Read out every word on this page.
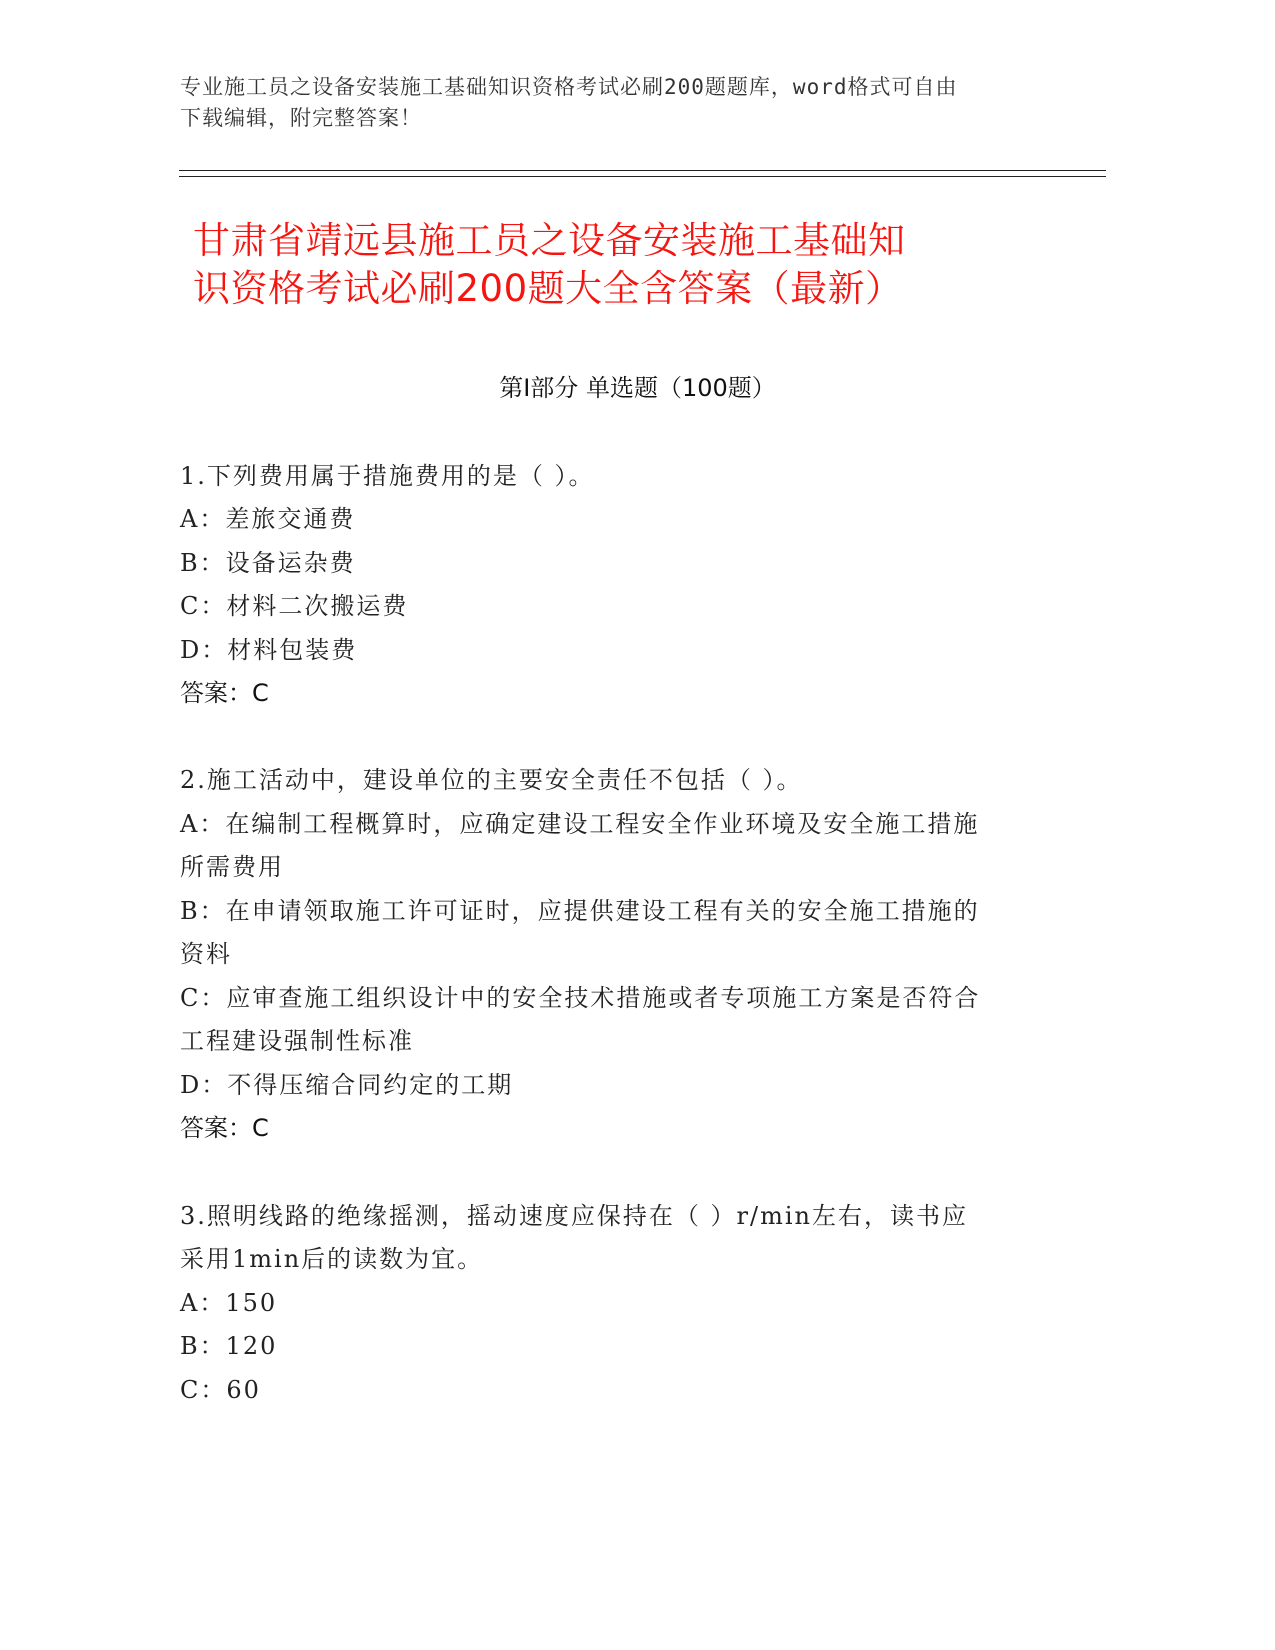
专业施工员之设备安装施工基础知识资格考试必刷200题题库，word格式可自由
下载编辑，附完整答案！
甘肃省靖远县施工员之设备安装施工基础知
识资格考试必刷200题大全含答案（最新）
第Ⅰ部分 单选题（100题）
1.下列费用属于措施费用的是（ ）。
A：差旅交通费
B：设备运杂费
C：材料二次搬运费
D：材料包装费
答案：C
2.施工活动中，建设单位的主要安全责任不包括（ ）。
A：在编制工程概算时，应确定建设工程安全作业环境及安全施工措施
所需费用
B：在申请领取施工许可证时，应提供建设工程有关的安全施工措施的
资料
C：应审查施工组织设计中的安全技术措施或者专项施工方案是否符合
工程建设强制性标准
D：不得压缩合同约定的工期
答案：C
3.照明线路的绝缘摇测，摇动速度应保持在（ ）r/min左右，读书应
采用1min后的读数为宜。
A：150
B：120
C：60
